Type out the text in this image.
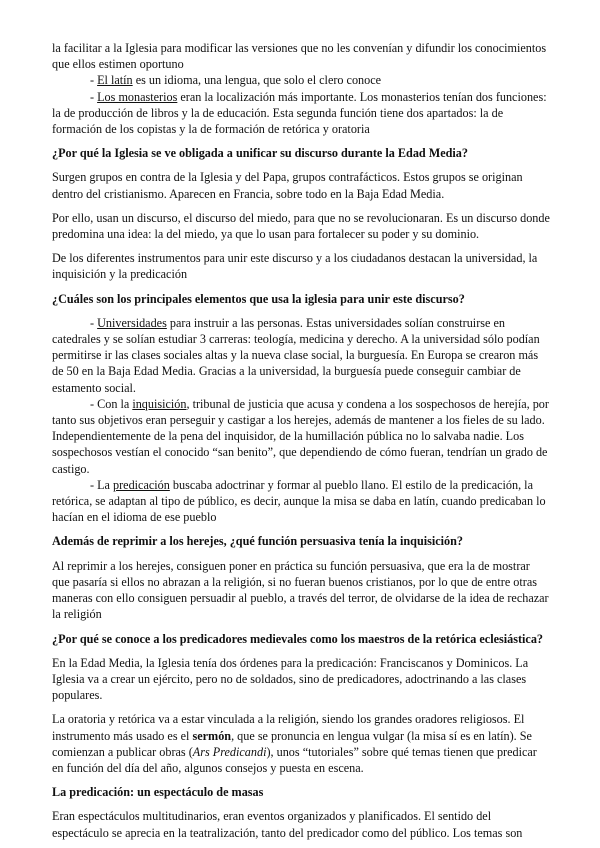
la facilitar a la Iglesia para modificar las versiones que no les convenían y difundir los conocimientos que ellos estimen oportuno

- El latín es un idioma, una lengua, que solo el clero conoce

- Los monasterios eran la localización más importante. Los monasterios tenían dos funciones: la de producción de libros y la de educación. Esta segunda función tiene dos apartados: la de formación de los copistas y la de formación de retórica y oratoria

¿Por qué la Iglesia se ve obligada a unificar su discurso durante la Edad Media?

Surgen grupos en contra de la Iglesia y del Papa, grupos contrafácticos. Estos grupos se originan dentro del cristianismo. Aparecen en Francia, sobre todo en la Baja Edad Media.

Por ello, usan un discurso, el discurso del miedo, para que no se revolucionaran. Es un discurso donde predomina una idea: la del miedo, ya que lo usan para fortalecer su poder y su dominio.

De los diferentes instrumentos para unir este discurso y a los ciudadanos destacan la universidad, la inquisición y la predicación

¿Cuáles son los principales elementos que usa la iglesia para unir este discurso?

- Universidades para instruir a las personas. Estas universidades solían construirse en catedrales y se solían estudiar 3 carreras: teología, medicina y derecho. A la universidad sólo podían permitirse ir las clases sociales altas y la nueva clase social, la burguesía. En Europa se crearon más de 50 en la Baja Edad Media. Gracias a la universidad, la burguesía puede conseguir cambiar de estamento social.

- Con la inquisición, tribunal de justicia que acusa y condena a los sospechosos de herejía, por tanto sus objetivos eran perseguir y castigar a los herejes, además de mantener a los fieles de su lado. Independientemente de la pena del inquisidor, de la humillación pública no lo salvaba nadie. Los sospechosos vestían el conocido “san benito”, que dependiendo de cómo fueran, tendrían un grado de castigo.

- La predicación buscaba adoctrinar y formar al pueblo llano. El estilo de la predicación, la retórica, se adaptan al tipo de público, es decir, aunque la misa se daba en latín, cuando predicaban lo hacían en el idioma de ese pueblo

Además de reprimir a los herejes, ¿qué función persuasiva tenía la inquisición?

Al reprimir a los herejes, consiguen poner en práctica su función persuasiva, que era la de mostrar que pasaría si ellos no abrazan a la religión, si no fueran buenos cristianos, por lo que de entre otras maneras con ello consiguen persuadir al pueblo, a través del terror, de olvidarse de la idea de rechazar la religión

¿Por qué se conoce a los predicadores medievales como los maestros de la retórica eclesiástica?

En la Edad Media, la Iglesia tenía dos órdenes para la predicación: Franciscanos y Dominicos. La Iglesia va a crear un ejército, pero no de soldados, sino de predicadores, adoctrinando a las clases populares.

La oratoria y retórica va a estar vinculada a la religión, siendo los grandes oradores religiosos. El instrumento más usado es el sermón, que se pronuncia en lengua vulgar (la misa sí es en latín). Se comienzan a publicar obras (Ars Predicandi), unos “tutoriales” sobre qué temas tienen que predicar en función del día del año, algunos consejos y puesta en escena.

La predicación: un espectáculo de masas

Eran espectáculos multitudinarios, eran eventos organizados y planificados. El sentido del espectáculo se aprecia en la teatralización, tanto del predicador como del público. Los temas son
